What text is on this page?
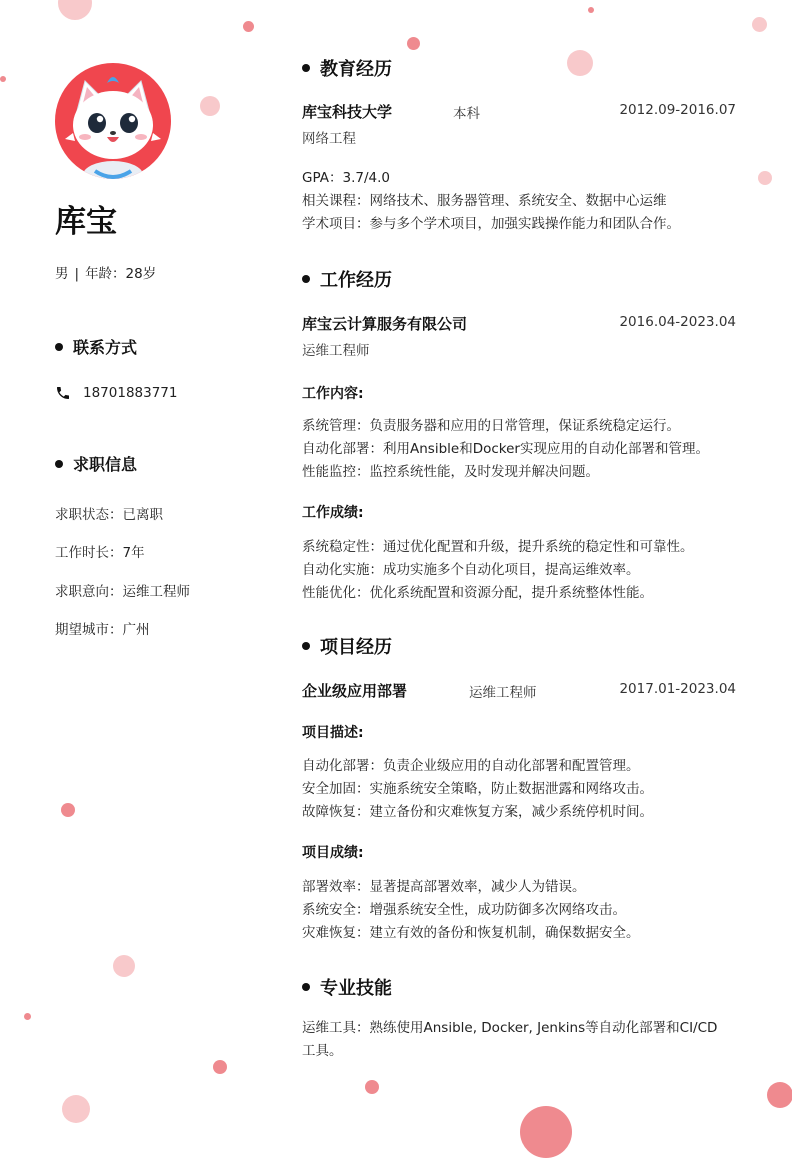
库宝
男 | 年龄：28岁
联系方式
18701883771
求职信息
求职状态：已离职
工作时长：7年
求职意向：运维工程师
期望城市：广州
教育经历
库宝科技大学	本科	2012.09-2016.07
网络工程
GPA：3.7/4.0
相关课程：网络技术、服务器管理、系统安全、数据中心运维
学术项目：参与多个学术项目，加强实践操作能力和团队合作。
工作经历
库宝云计算服务有限公司	2016.04-2023.04
运维工程师
工作内容:
系统管理：负责服务器和应用的日常管理，保证系统稳定运行。
自动化部署：利用Ansible和Docker实现应用的自动化部署和管理。
性能监控：监控系统性能，及时发现并解决问题。
工作成绩:
系统稳定性：通过优化配置和升级，提升系统的稳定性和可靠性。
自动化实施：成功实施多个自动化项目，提高运维效率。
性能优化：优化系统配置和资源分配，提升系统整体性能。
项目经历
企业级应用部署	运维工程师	2017.01-2023.04
项目描述:
自动化部署：负责企业级应用的自动化部署和配置管理。
安全加固：实施系统安全策略，防止数据泄露和网络攻击。
故障恢复：建立备份和灾难恢复方案，减少系统停机时间。
项目成绩:
部署效率：显著提高部署效率，减少人为错误。
系统安全：增强系统安全性，成功防御多次网络攻击。
灾难恢复：建立有效的备份和恢复机制，确保数据安全。
专业技能
运维工具：熟练使用Ansible, Docker, Jenkins等自动化部署和CI/CD工具。
